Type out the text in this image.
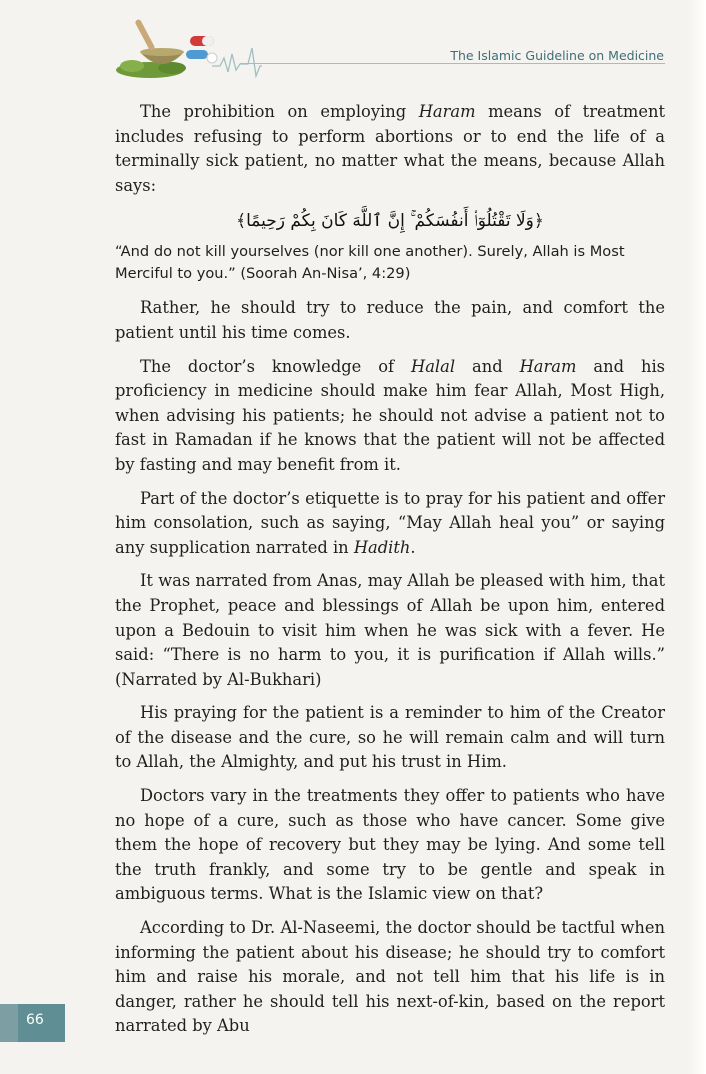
The Islamic Guideline on Medicine

The prohibition on employing Haram means of treatment includes refusing to perform abortions or to end the life of a terminally sick patient, no matter what the means, because Allah says:

﴿وَلَا تَقْتُلُوٓا۟ أَنفُسَكُمْ ۚ إِنَّ ٱللَّهَ كَانَ بِكُمْ رَحِيمًا﴾

“And do not kill yourselves (nor kill one another). Surely, Allah is Most Merciful to you.” (Soorah An-Nisa’, 4:29)

Rather, he should try to reduce the pain, and comfort the patient until his time comes.

The doctor’s knowledge of Halal and Haram and his proficiency in medicine should make him fear Allah, Most High, when advising his patients; he should not advise a patient not to fast in Ramadan if he knows that the patient will not be affected by fasting and may benefit from it.

Part of the doctor’s etiquette is to pray for his patient and offer him consolation, such as saying, “May Allah heal you” or saying any supplication narrated in Hadith.

It was narrated from Anas, may Allah be pleased with him, that the Prophet, peace and blessings of Allah be upon him, entered upon a Bedouin to visit him when he was sick with a fever. He said: “There is no harm to you, it is purification if Allah wills.” (Narrated by Al-Bukhari)

His praying for the patient is a reminder to him of the Creator of the disease and the cure, so he will remain calm and will turn to Allah, the Almighty, and put his trust in Him.

Doctors vary in the treatments they offer to patients who have no hope of a cure, such as those who have cancer. Some give them the hope of recovery but they may be lying. And some tell the truth frankly, and some try to be gentle and speak in ambiguous terms. What is the Islamic view on that?

According to Dr. Al-Naseemi, the doctor should be tactful when informing the patient about his disease; he should try to comfort him and raise his morale, and not tell him that his life is in danger, rather he should tell his next-of-kin, based on the report narrated by Abu

66
